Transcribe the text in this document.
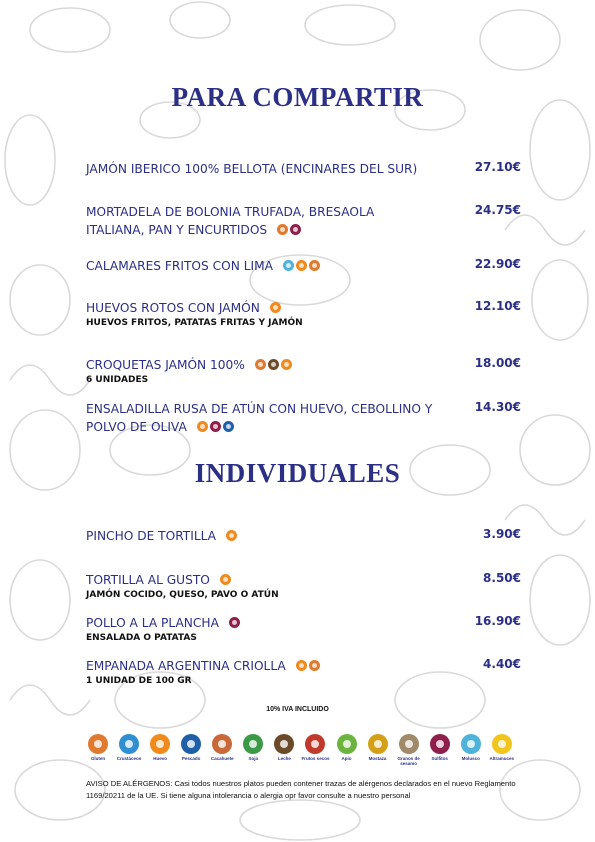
PARA COMPARTIR
JAMÓN IBERICO 100% BELLOTA (ENCINARES DEL SUR)	27.10€
MORTADELA DE BOLONIA TRUFADA, BRESAOLA ITALIANA, PAN Y ENCURTIDOS
24.75€
CALAMARES FRITOS CON LIMA	22.90€
HUEVOS ROTOS CON JAMÓN
HUEVOS FRITOS, PATATAS FRITAS Y JAMÓN
12.10€
CROQUETAS JAMÓN 100%
6 UNIDADES
18.00€
ENSALADILLA RUSA DE ATÚN CON HUEVO, CEBOLLINO Y POLVO DE OLIVA
14.30€
INDIVIDUALES
PINCHO DE TORTILLA	3.90€
TORTILLA AL GUSTO
JAMÓN COCIDO, QUESO, PAVO O ATÚN
8.50€
POLLO A LA PLANCHA
ENSALADA O PATATAS
16.90€
EMPANADA ARGENTINA CRIOLLA
1 UNIDAD DE 100 GR
4.40€
10% IVA INCLUIDO
Gluten	Crustáceos	Huevo	Pescado	Cacahuete	Soja	Leche	Frutos secos	Apio	Mostaza	Granos de sesamo
Sulfitos	Molusco	Altramuces
AVISO DE ALÉRGENOS: Casi todos nuestros platos pueden contener trazas de alérgenos declarados en el nuevo Reglamento 1169/20211 de la UE. Si tiene alguna intolerancia o alergia opr favor consulte a nuestro personal
